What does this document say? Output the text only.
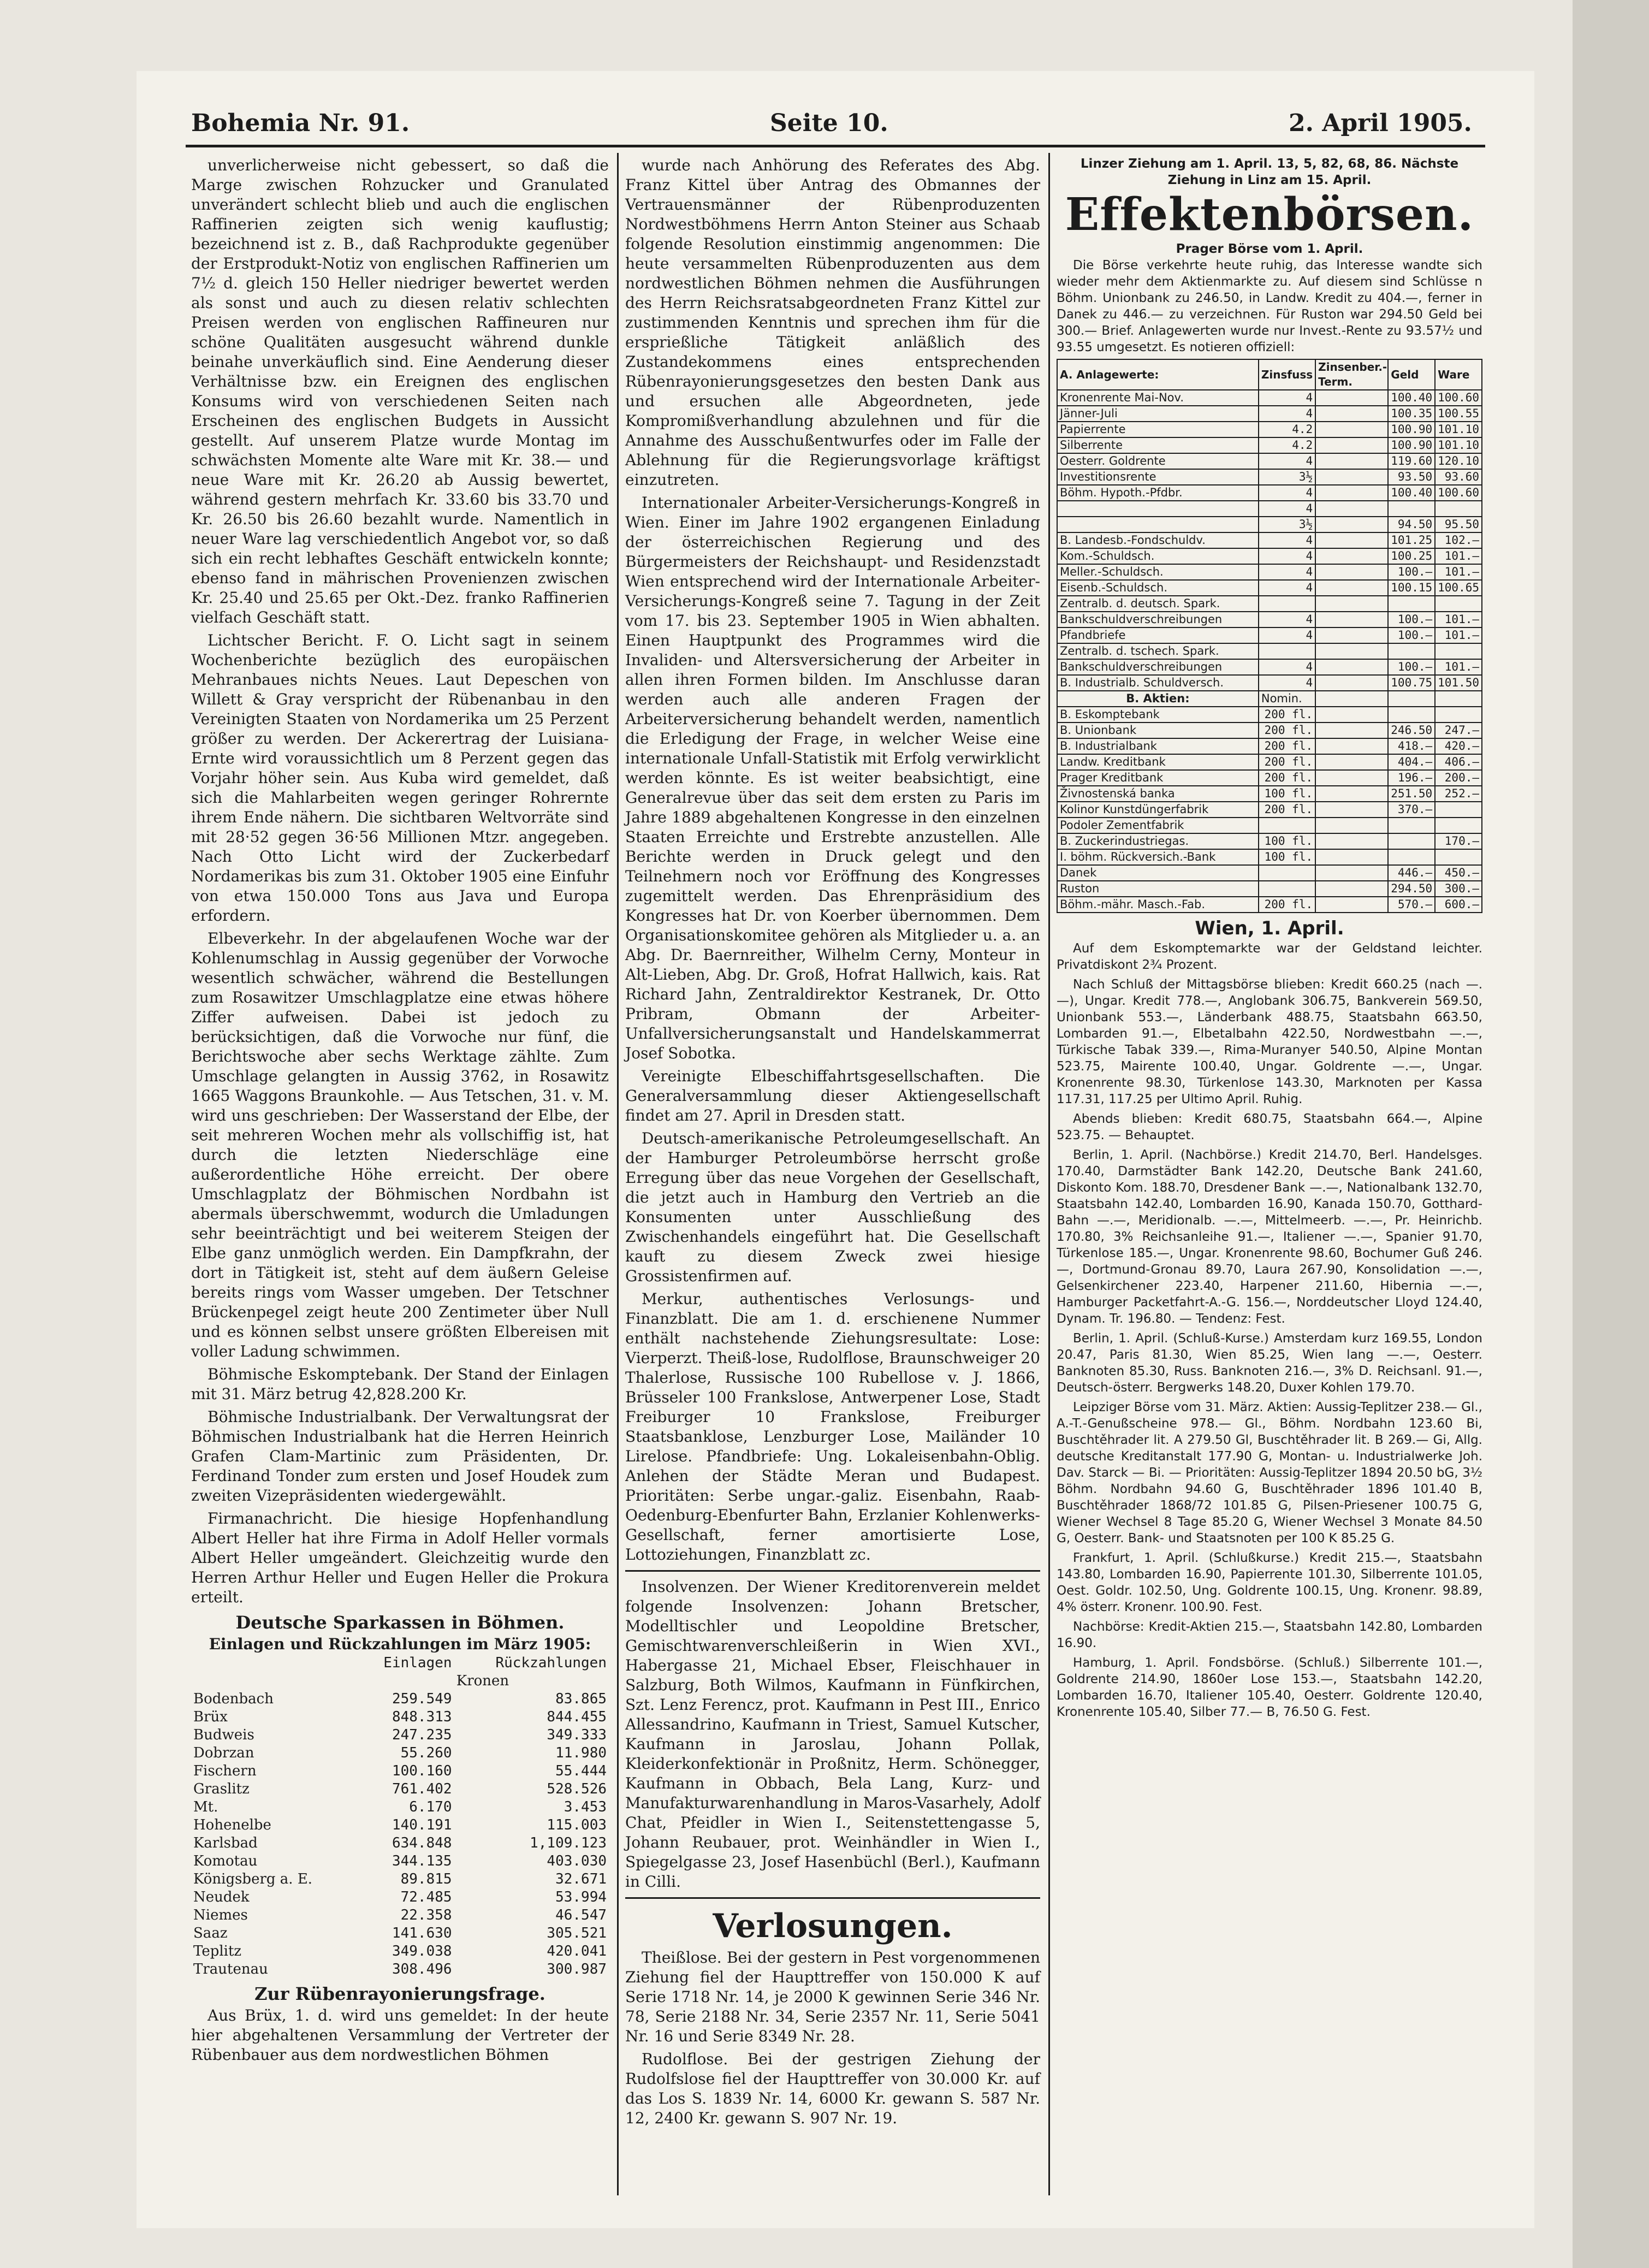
Bohemia Nr. 91.	Seite 10.	2. April 1905.

unverlicherweise nicht gebessert, so daß die Marge zwischen Rohzucker und Granulated unverändert schlecht blieb und auch die englischen Raffinerien zeigten sich wenig kauflustig; bezeichnend ist z. B., daß Rachprodukte gegenüber der Erstprodukt-Notiz von englischen Raffinerien um 7½ d. gleich 150 Heller niedriger bewertet werden als sonst und auch zu diesen relativ schlechten Preisen werden von englischen Raffineuren nur schöne Qualitäten ausgesucht während dunkle beinahe unverkäuflich sind. Eine Aenderung dieser Verhältnisse bzw. ein Ereignen des englischen Konsums wird von verschiedenen Seiten nach Erscheinen des englischen Budgets in Aussicht gestellt. Auf unserem Platze wurde Montag im schwächsten Momente alte Ware mit Kr. 38.— und neue Ware mit Kr. 26.20 ab Aussig bewertet, während gestern mehrfach Kr. 33.60 bis 33.70 und Kr. 26.50 bis 26.60 bezahlt wurde. Namentlich in neuer Ware lag verschiedentlich Angebot vor, so daß sich ein recht lebhaftes Geschäft entwickeln konnte; ebenso fand in mährischen Provenienzen zwischen Kr. 25.40 und 25.65 per Okt.-Dez. franko Raffinerien vielfach Geschäft statt.

Lichtscher Bericht. F. O. Licht sagt in seinem Wochenberichte bezüglich des europäischen Mehranbaues nichts Neues. Laut Depeschen von Willett & Gray verspricht der Rübenanbau in den Vereinigten Staaten von Nordamerika um 25 Perzent größer zu werden. Der Ackerertrag der Luisiana-Ernte wird voraussichtlich um 8 Perzent gegen das Vorjahr höher sein. Aus Kuba wird gemeldet, daß sich die Mahlarbeiten wegen geringer Rohrernte ihrem Ende nähern. Die sichtbaren Weltvorräte sind mit 28·52 gegen 36·56 Millionen Mtzr. angegeben. Nach Otto Licht wird der Zuckerbedarf Nordamerikas bis zum 31. Oktober 1905 eine Einfuhr von etwa 150.000 Tons aus Java und Europa erfordern.

Elbeverkehr. In der abgelaufenen Woche war der Kohlenumschlag in Aussig gegenüber der Vorwoche wesentlich schwächer, während die Bestellungen zum Rosawitzer Umschlagplatze eine etwas höhere Ziffer aufweisen. Dabei ist jedoch zu berücksichtigen, daß die Vorwoche nur fünf, die Berichtswoche aber sechs Werktage zählte. Zum Umschlage gelangten in Aussig 3762, in Rosawitz 1665 Waggons Braunkohle. — Aus Tetschen, 31. v. M. wird uns geschrieben: Der Wasserstand der Elbe, der seit mehreren Wochen mehr als vollschiffig ist, hat durch die letzten Niederschläge eine außerordentliche Höhe erreicht. Der obere Umschlagplatz der Böhmischen Nordbahn ist abermals überschwemmt, wodurch die Umladungen sehr beeinträchtigt und bei weiterem Steigen der Elbe ganz unmöglich werden. Ein Dampfkrahn, der dort in Tätigkeit ist, steht auf dem äußern Geleise bereits rings vom Wasser umgeben. Der Tetschner Brückenpegel zeigt heute 200 Zentimeter über Null und es können selbst unsere größten Elbereisen mit voller Ladung schwimmen.

Böhmische Eskomptebank. Der Stand der Einlagen mit 31. März betrug 42,828.200 Kr.

Böhmische Industrialbank. Der Verwaltungsrat der Böhmischen Industrialbank hat die Herren Heinrich Grafen Clam-Martinic zum Präsidenten, Dr. Ferdinand Tonder zum ersten und Josef Houdek zum zweiten Vizepräsidenten wiedergewählt.

Firmanachricht. Die hiesige Hopfenhandlung Albert Heller hat ihre Firma in Adolf Heller vormals Albert Heller umgeändert. Gleichzeitig wurde den Herren Arthur Heller und Eugen Heller die Prokura erteilt.

Deutsche Sparkassen in Böhmen.
Einlagen und Rückzahlungen im März 1905:
	Einlagen	Rückzahlungen
	Kronen	
Bodenbach	259.549	83.865
Brüx	848.313	844.455
Budweis	247.235	349.333
Dobrzan	55.260	11.980
Fischern	100.160	55.444
Graslitz	761.402	528.526
Mt.	6.170	3.453
Hohenelbe	140.191	115.003
Karlsbad	634.848	1,109.123
Komotau	344.135	403.030
Königsberg a. E.	89.815	32.671
Neudek	72.485	53.994
Niemes	22.358	46.547
Saaz	141.630	305.521
Teplitz	349.038	420.041
Trautenau	308.496	300.987
Zur Rübenrayonierungsfrage.

Aus Brüx, 1. d. wird uns gemeldet: In der heute hier abgehaltenen Versammlung der Vertreter der Rübenbauer aus dem nordwestlichen Böhmen

wurde nach Anhörung des Referates des Abg. Franz Kittel über Antrag des Obmannes der Vertrauensmänner der Rübenproduzenten Nordwestböhmens Herrn Anton Steiner aus Schaab folgende Resolution einstimmig angenommen: Die heute versammelten Rübenproduzenten aus dem nordwestlichen Böhmen nehmen die Ausführungen des Herrn Reichsratsabgeordneten Franz Kittel zur zustimmenden Kenntnis und sprechen ihm für die ersprießliche Tätigkeit anläßlich des Zustandekommens eines entsprechenden Rübenrayonierungsgesetzes den besten Dank aus und ersuchen alle Abgeordneten, jede Kompromißverhandlung abzulehnen und für die Annahme des Ausschußentwurfes oder im Falle der Ablehnung für die Regierungsvorlage kräftigst einzutreten.

Internationaler Arbeiter-Versicherungs-Kongreß in Wien. Einer im Jahre 1902 ergangenen Einladung der österreichischen Regierung und des Bürgermeisters der Reichshaupt- und Residenzstadt Wien entsprechend wird der Internationale Arbeiter-Versicherungs-Kongreß seine 7. Tagung in der Zeit vom 17. bis 23. September 1905 in Wien abhalten. Einen Hauptpunkt des Programmes wird die Invaliden- und Altersversicherung der Arbeiter in allen ihren Formen bilden. Im Anschlusse daran werden auch alle anderen Fragen der Arbeiterversicherung behandelt werden, namentlich die Erledigung der Frage, in welcher Weise eine internationale Unfall-Statistik mit Erfolg verwirklicht werden könnte. Es ist weiter beabsichtigt, eine Generalrevue über das seit dem ersten zu Paris im Jahre 1889 abgehaltenen Kongresse in den einzelnen Staaten Erreichte und Erstrebte anzustellen. Alle Berichte werden in Druck gelegt und den Teilnehmern noch vor Eröffnung des Kongresses zugemittelt werden. Das Ehrenpräsidium des Kongresses hat Dr. von Koerber übernommen. Dem Organisationskomitee gehören als Mitglieder u. a. an Abg. Dr. Baernreither, Wilhelm Cerny, Monteur in Alt-Lieben, Abg. Dr. Groß, Hofrat Hallwich, kais. Rat Richard Jahn, Zentraldirektor Kestranek, Dr. Otto Pribram, Obmann der Arbeiter-Unfallversicherungsanstalt und Handelskammerrat Josef Sobotka.

Vereinigte Elbeschiffahrtsgesellschaften. Die Generalversammlung dieser Aktiengesellschaft findet am 27. April in Dresden statt.

Deutsch-amerikanische Petroleumgesellschaft. An der Hamburger Petroleumbörse herrscht große Erregung über das neue Vorgehen der Gesellschaft, die jetzt auch in Hamburg den Vertrieb an die Konsumenten unter Ausschließung des Zwischenhandels eingeführt hat. Die Gesellschaft kauft zu diesem Zweck zwei hiesige Grossistenfirmen auf.

Merkur, authentisches Verlosungs- und Finanzblatt. Die am 1. d. erschienene Nummer enthält nachstehende Ziehungsresultate: Lose: Vierperzt. Theiß-lose, Rudolflose, Braunschweiger 20 Thalerlose, Russische 100 Rubellose v. J. 1866, Brüsseler 100 Frankslose, Antwerpener Lose, Stadt Freiburger 10 Frankslose, Freiburger Staatsbanklose, Lenzburger Lose, Mailänder 10 Lirelose. Pfandbriefe: Ung. Lokaleisenbahn-Oblig. Anlehen der Städte Meran und Budapest. Prioritäten: Serbe ungar.-galiz. Eisenbahn, Raab-Oedenburg-Ebenfurter Bahn, Erzlanier Kohlenwerks-Gesellschaft, ferner amortisierte Lose, Lottoziehungen, Finanzblatt zc.

Insolvenzen. Der Wiener Kreditorenverein meldet folgende Insolvenzen: Johann Bretscher, Modelltischler und Leopoldine Bretscher, Gemischtwarenverschleißerin in Wien XVI., Habergasse 21, Michael Ebser, Fleischhauer in Salzburg, Both Wilmos, Kaufmann in Fünfkirchen, Szt. Lenz Ferencz, prot. Kaufmann in Pest III., Enrico Allessandrino, Kaufmann in Triest, Samuel Kutscher, Kaufmann in Jaroslau, Johann Pollak, Kleiderkonfektionär in Proßnitz, Herm. Schönegger, Kaufmann in Obbach, Bela Lang, Kurz- und Manufakturwarenhandlung in Maros-Vasarhely, Adolf Chat, Pfeidler in Wien I., Seitenstettengasse 5, Johann Reubauer, prot. Weinhändler in Wien I., Spiegelgasse 23, Josef Hasenbüchl (Berl.), Kaufmann in Cilli.

Verlosungen.

Theißlose. Bei der gestern in Pest vorgenommenen Ziehung fiel der Haupttreffer von 150.000 K auf Serie 1718 Nr. 14, je 2000 K gewinnen Serie 346 Nr. 78, Serie 2188 Nr. 34, Serie 2357 Nr. 11, Serie 5041 Nr. 16 und Serie 8349 Nr. 28.

Rudolflose. Bei der gestrigen Ziehung der Rudolfslose fiel der Haupttreffer von 30.000 Kr. auf das Los S. 1839 Nr. 14, 6000 Kr. gewann S. 587 Nr. 12, 2400 Kr. gewann S. 907 Nr. 19.

Linzer Ziehung am 1. April. 13, 5, 82, 68, 86. Nächste Ziehung in Linz am 15. April.
Effektenbörsen.
Prager Börse vom 1. April.

Die Börse verkehrte heute ruhig, das Interesse wandte sich wieder mehr dem Aktienmarkte zu. Auf diesem sind Schlüsse n Böhm. Unionbank zu 246.50, in Landw. Kredit zu 404.—, ferner in Danek zu 446.— zu verzeichnen. Für Ruston war 294.50 Geld bei 300.— Brief. Anlagewerten wurde nur Invest.-Rente zu 93.57½ und 93.55 umgesetzt. Es notieren offiziell:

A. Anlagewerte:	Zinsfuss	Zinsenber.-Term.	Geld	Ware
Kronenrente Mai-Nov.	4		100.40	100.60
Jänner-Juli	4		100.35	100.55
Papierrente	4.2		100.90	101.10
Silberrente	4.2		100.90	101.10
Oesterr. Goldrente	4		119.60	120.10
Investitionsrente	3½		93.50	93.60
Böhm. Hypoth.-Pfdbr.	4		100.40	100.60
	4			
	3½		94.50	95.50
B. Landesb.-Fondschuldv.	4		101.25	102.—
Kom.-Schuldsch.	4		100.25	101.—
Meller.-Schuldsch.	4		100.—	101.—
Eisenb.-Schuldsch.	4		100.15	100.65
Zentralb. d. deutsch. Spark.				
Bankschuldverschreibungen	4		100.—	101.—
Pfandbriefe	4		100.—	101.—
Zentralb. d. tschech. Spark.				
Bankschuldverschreibungen	4		100.—	101.—
B. Industrialb. Schuldversch.	4		100.75	101.50
B. Aktien:	Nomin.			
B. Eskomptebank	200 fl.			
B. Unionbank	200 fl.		246.50	247.—
B. Industrialbank	200 fl.		418.—	420.—
Landw. Kreditbank	200 fl.		404.—	406.—
Prager Kreditbank	200 fl.		196.—	200.—
Živnostenská banka	100 fl.		251.50	252.—
Kolinor Kunstdüngerfabrik	200 fl.		370.—	
Podoler Zementfabrik				
B. Zuckerindustriegas.	100 fl.			170.—
I. böhm. Rückversich.-Bank	100 fl.			
Danek			446.—	450.—
Ruston			294.50	300.—
Böhm.-mähr. Masch.-Fab.	200 fl.		570.—	600.—
Wien, 1. April.

Auf dem Eskomptemarkte war der Geldstand leichter. Privatdiskont 2¾ Prozent.

Nach Schluß der Mittagsbörse blieben: Kredit 660.25 (nach —.—), Ungar. Kredit 778.—, Anglobank 306.75, Bankverein 569.50, Unionbank 553.—, Länderbank 488.75, Staatsbahn 663.50, Lombarden 91.—, Elbetalbahn 422.50, Nordwestbahn —.—, Türkische Tabak 339.—, Rima-Muranyer 540.50, Alpine Montan 523.75, Mairente 100.40, Ungar. Goldrente —.—, Ungar. Kronenrente 98.30, Türkenlose 143.30, Marknoten per Kassa 117.31, 117.25 per Ultimo April. Ruhig.

Abends blieben: Kredit 680.75, Staatsbahn 664.—, Alpine 523.75. — Behauptet.

Berlin, 1. April. (Nachbörse.) Kredit 214.70, Berl. Handelsges. 170.40, Darmstädter Bank 142.20, Deutsche Bank 241.60, Diskonto Kom. 188.70, Dresdener Bank —.—, Nationalbank 132.70, Staatsbahn 142.40, Lombarden 16.90, Kanada 150.70, Gotthard-Bahn —.—, Meridionalb. —.—, Mittelmeerb. —.—, Pr. Heinrichb. 170.80, 3% Reichsanleihe 91.—, Italiener —.—, Spanier 91.70, Türkenlose 185.—, Ungar. Kronenrente 98.60, Bochumer Guß 246.—, Dortmund-Gronau 89.70, Laura 267.90, Konsolidation —.—, Gelsenkirchener 223.40, Harpener 211.60, Hibernia —.—, Hamburger Packetfahrt-A.-G. 156.—, Norddeutscher Lloyd 124.40, Dynam. Tr. 196.80. — Tendenz: Fest.

Berlin, 1. April. (Schluß-Kurse.) Amsterdam kurz 169.55, London 20.47, Paris 81.30, Wien 85.25, Wien lang —.—, Oesterr. Banknoten 85.30, Russ. Banknoten 216.—, 3% D. Reichsanl. 91.—, Deutsch-österr. Bergwerks 148.20, Duxer Kohlen 179.70.

Leipziger Börse vom 31. März. Aktien: Aussig-Teplitzer 238.— Gl., A.-T.-Genußscheine 978.— Gl., Böhm. Nordbahn 123.60 Bi, Buschtěhrader lit. A 279.50 Gl, Buschtěhrader lit. B 269.— Gi, Allg. deutsche Kreditanstalt 177.90 G, Montan- u. Industrialwerke Joh. Dav. Starck — Bi. — Prioritäten: Aussig-Teplitzer 1894 20.50 bG, 3½ Böhm. Nordbahn 94.60 G, Buschtěhrader 1896 101.40 B, Buschtěhrader 1868/72 101.85 G, Pilsen-Priesener 100.75 G, Wiener Wechsel 8 Tage 85.20 G, Wiener Wechsel 3 Monate 84.50 G, Oesterr. Bank- und Staatsnoten per 100 K 85.25 G.

Frankfurt, 1. April. (Schlußkurse.) Kredit 215.—, Staatsbahn 143.80, Lombarden 16.90, Papierrente 101.30, Silberrente 101.05, Oest. Goldr. 102.50, Ung. Goldrente 100.15, Ung. Kronenr. 98.89, 4% österr. Kronenr. 100.90. Fest.

Nachbörse: Kredit-Aktien 215.—, Staatsbahn 142.80, Lombarden 16.90.

Hamburg, 1. April. Fondsbörse. (Schluß.) Silberrente 101.—, Goldrente 214.90, 1860er Lose 153.—, Staatsbahn 142.20, Lombarden 16.70, Italiener 105.40, Oesterr. Goldrente 120.40, Kronenrente 105.40, Silber 77.— B, 76.50 G. Fest.
